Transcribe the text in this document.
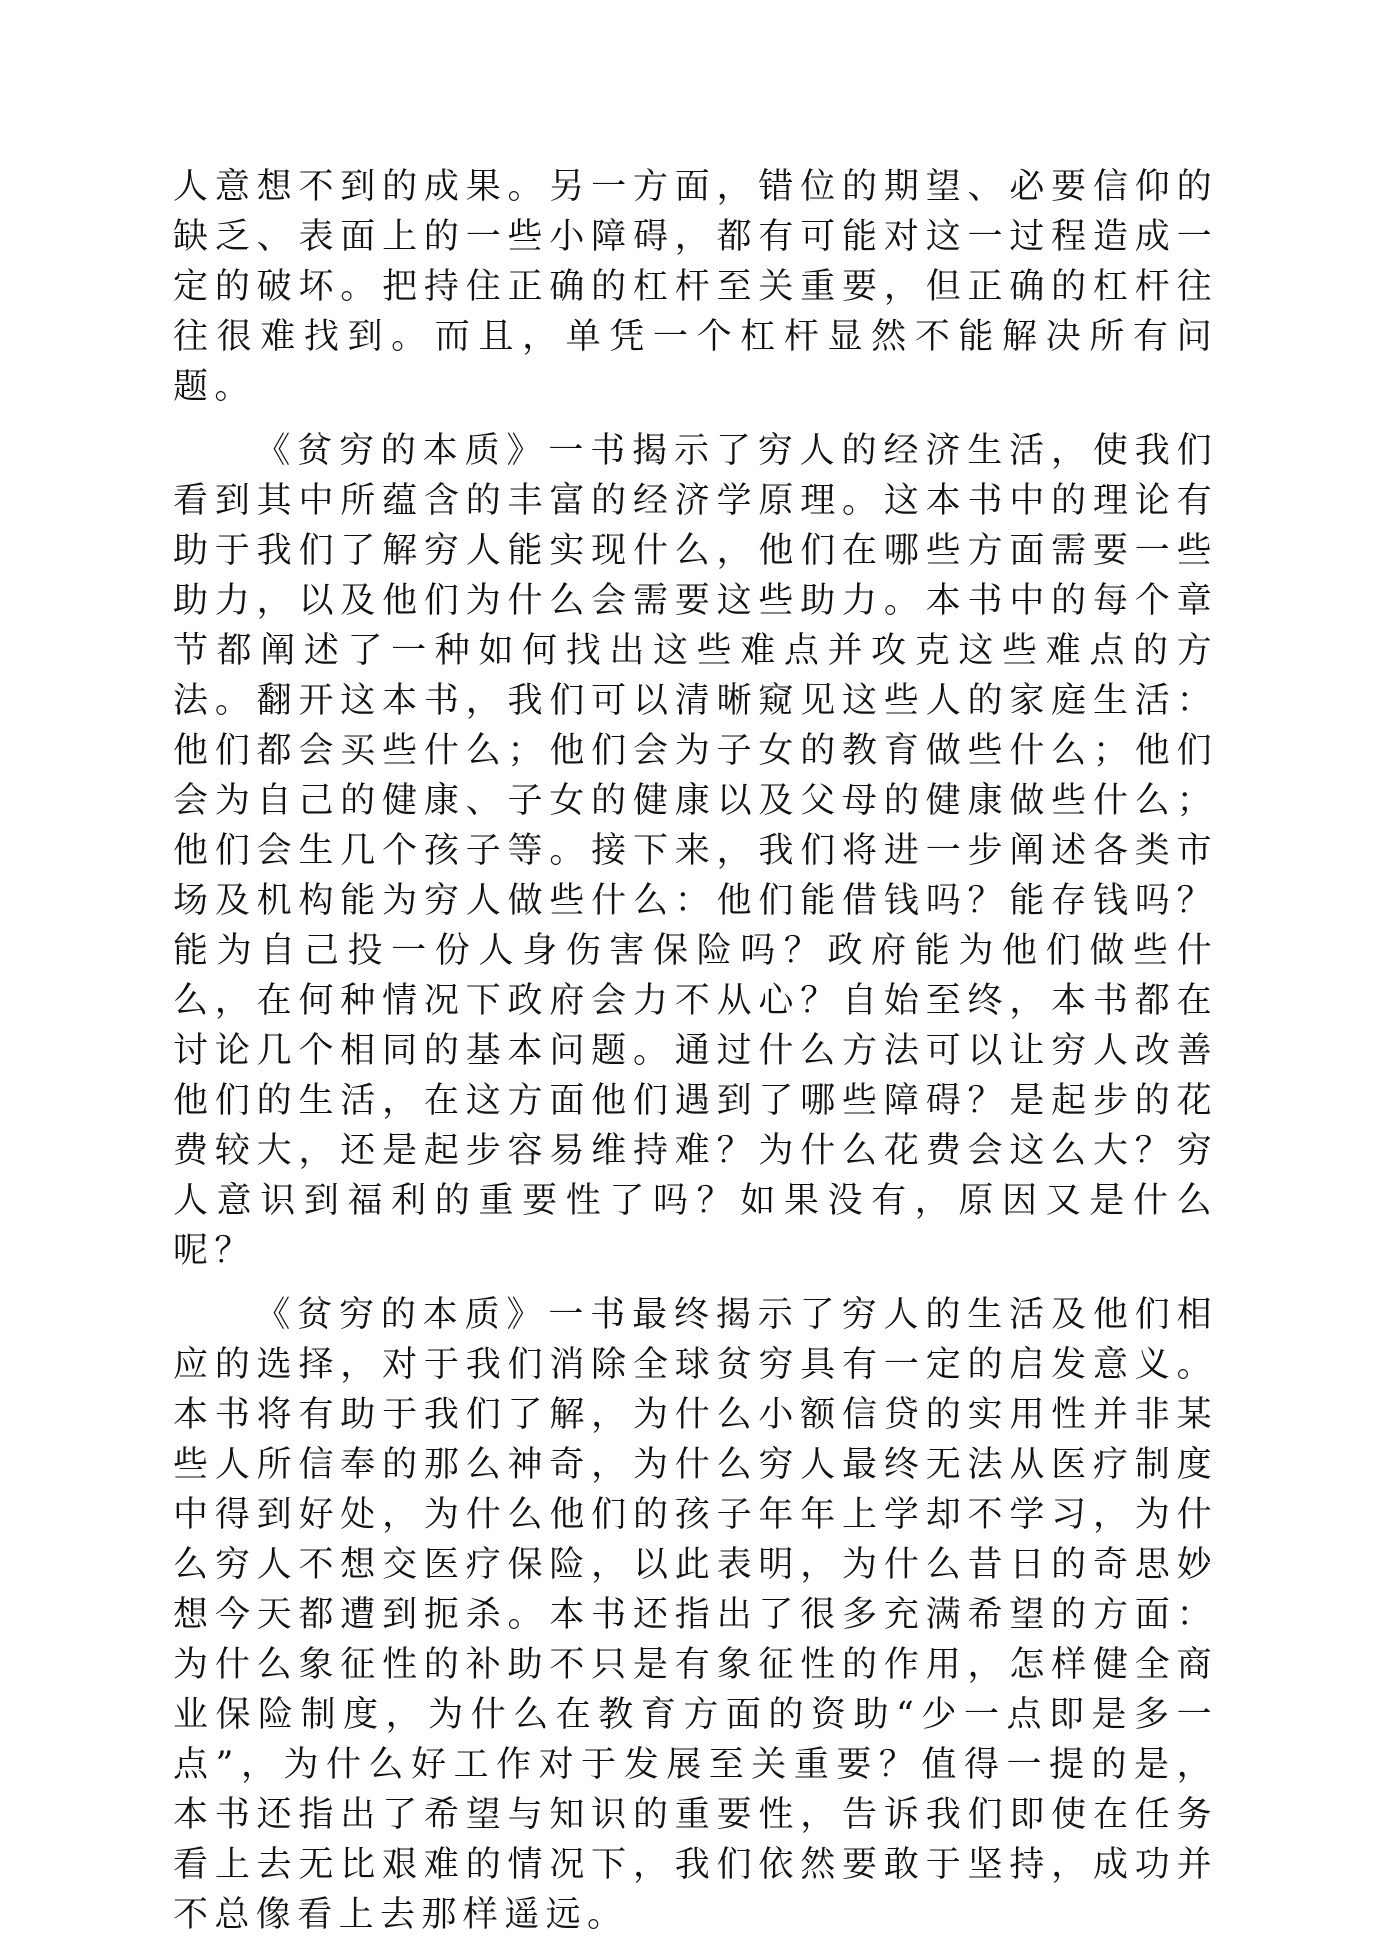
人意想不到的成果。另一方面，错位的期望、必要信仰的缺乏、表面上的一些小障碍，都有可能对这一过程造成一定的破坏。把持住正确的杠杆至关重要，但正确的杠杆往往很难找到。而且，单凭一个杠杆显然不能解决所有问题。

《贫穷的本质》一书揭示了穷人的经济生活，使我们看到其中所蕴含的丰富的经济学原理。这本书中的理论有助于我们了解穷人能实现什么，他们在哪些方面需要一些助力，以及他们为什么会需要这些助力。本书中的每个章节都阐述了一种如何找出这些难点并攻克这些难点的方法。翻开这本书，我们可以清晰窥见这些人的家庭生活：他们都会买些什么；他们会为子女的教育做些什么；他们会为自己的健康、子女的健康以及父母的健康做些什么；他们会生几个孩子等。接下来，我们将进一步阐述各类市场及机构能为穷人做些什么：他们能借钱吗？能存钱吗？能为自己投一份人身伤害保险吗？政府能为他们做些什么，在何种情况下政府会力不从心？自始至终，本书都在讨论几个相同的基本问题。通过什么方法可以让穷人改善他们的生活，在这方面他们遇到了哪些障碍？是起步的花费较大，还是起步容易维持难？为什么花费会这么大？穷人意识到福利的重要性了吗？如果没有，原因又是什么呢？

《贫穷的本质》一书最终揭示了穷人的生活及他们相应的选择，对于我们消除全球贫穷具有一定的启发意义。本书将有助于我们了解，为什么小额信贷的实用性并非某些人所信奉的那么神奇，为什么穷人最终无法从医疗制度中得到好处，为什么他们的孩子年年上学却不学习，为什么穷人不想交医疗保险，以此表明，为什么昔日的奇思妙想今天都遭到扼杀。本书还指出了很多充满希望的方面：为什么象征性的补助不只是有象征性的作用，怎样健全商业保险制度，为什么在教育方面的资助“少一点即是多一点”，为什么好工作对于发展至关重要？值得一提的是，本书还指出了希望与知识的重要性，告诉我们即使在任务看上去无比艰难的情况下，我们依然要敢于坚持，成功并不总像看上去那样遥远。
